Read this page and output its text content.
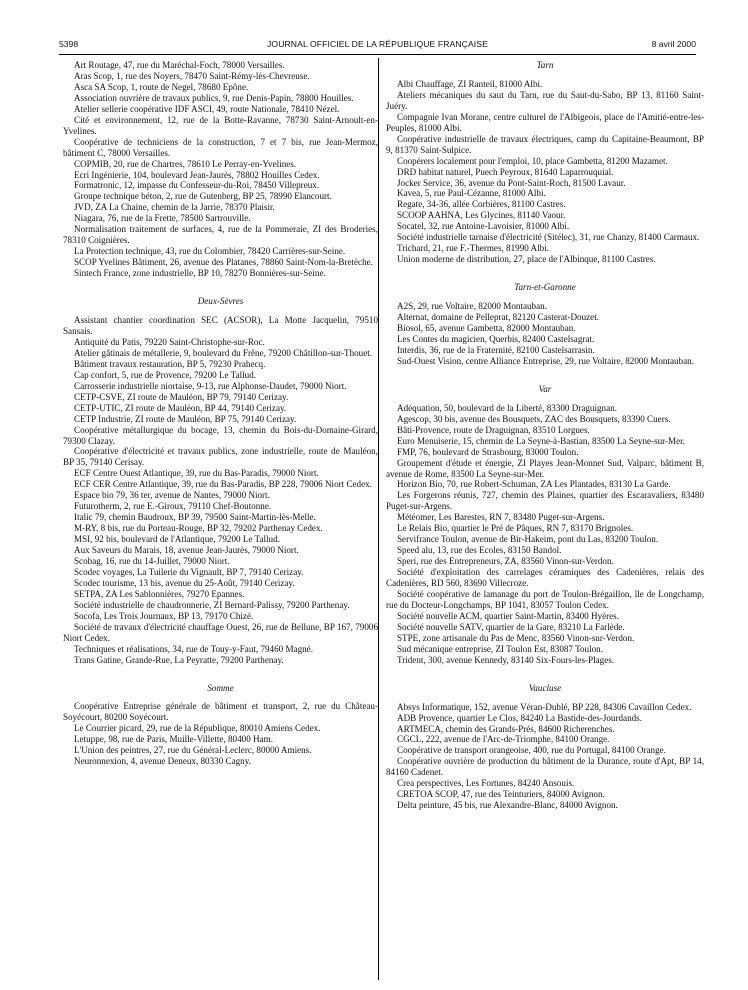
5398	JOURNAL OFFICIEL DE LA RÉPUBLIQUE FRANÇAISE	8 avril 2000

Art Routage, 47, rue du Maréchal-Foch, 78000 Versailles.

Aras Scop, 1, rue des Noyers, 78470 Saint-Rémy-lès-Chevreuse.

Asca SA Scop, 1, route de Negel, 78680 Epône.

Association ouvrière de travaux publics, 9, rue Denis-Papin, 78800 Houilles.

Atelier sellerie coopérative IDF ASCI, 49, route Nationale, 78410 Nézel.

Cité et environnement, 12, rue de la Botte-Ravanne, 78730 Saint-Arnoult-en-Yvelines.

Coopérative de techniciens de la construction, 7 et 7 bis, rue Jean-Mermoz, bâtiment C, 78000 Versailles.

COPMIB, 20, rue de Chartres, 78610 Le Perray-en-Yvelines.

Ecri Ingénierie, 104, boulevard Jean-Jaurès, 78802 Houilles Cedex.

Formatronic, 12, impasse du Confesseur-du-Roi, 78450 Villepreux.

Groupe technique béton, 2, rue de Gutenberg, BP 25, 78990 Elancourt.

JVD, ZA La Chaine, chemin de la Jarrie, 78370 Plaisir.

Niagara, 76, rue de la Frette, 78500 Sartrouville.

Normalisation traitement de surfaces, 4, rue de la Pommeraie, ZI des Broderies, 78310 Coignières.

La Protection technique, 43, rue du Colombier, 78420 Carrières-sur-Seine.

SCOP Yvelines Bâtiment, 26, avenue des Platanes, 78860 Saint-Nom-la-Bretèche.

Sintech France, zone industrielle, BP 10, 78270 Bonnières-sur-Seine.

Deux-Sèvres

Assistant chantier coordination SEC (ACSOR), La Motte Jacquelin, 79510 Sansais.

Antiquité du Patis, 79220 Saint-Christophe-sur-Roc.

Atelier gâtinais de métallerie, 9, boulevard du Frêne, 79200 Châtillon-sur-Thouet.

Bâtiment travaux restauration, BP 5, 79230 Prahecq.

Cap confort, 5, rue de Provence, 79200 Le Tallud.

Carrosserie industrielle niortaise, 9-13, rue Alphonse-Daudet, 79000 Niort.

CETP-CSVE, ZI route de Mauléon, BP 79, 79140 Cerizay.

CETP-UTIC, ZI route de Mauléon, BP 44, 79140 Cerizay.

CETP Industrie, ZI route de Mauléon, BP 75, 79140 Cerizay.

Coopérative métallurgique du bocage, 13, chemin du Bois-du-Domaine-Girard, 79300 Clazay.

Coopérative d'électricité et travaux publics, zone industrielle, route de Mauléon, BP 35, 79140 Cerisay.

ECF Centre Ouest Atlantique, 39, rue du Bas-Paradis, 79000 Niort.

ECF CER Centre Atlantique, 39, rue du Bas-Paradis, BP 228, 79006 Niort Cedex.

Espace bio 79, 36 ter, avenue de Nantes, 79000 Niort.

Futurotherm, 2, rue E.-Giroux, 79110 Chef-Boutonne.

Italic 79, chemin Baudroux, BP 39, 79500 Saint-Martin-lès-Melle.

M-RY, 8 bis, rue du Porteau-Rouge, BP 32, 79202 Parthenay Cedex.

MSI, 92 bis, boulevard de l'Atlantique, 79200 Le Tallud.

Aux Saveurs du Marais, 18, avenue Jean-Jaurès, 79000 Niort.

Scobag, 16, rue du 14-Juillet, 79000 Niort.

Scodec voyages, La Tuilerie du Vignault, BP 7, 79140 Cerizay.

Scodec tourisme, 13 bis, avenue du 25-Août, 79140 Cerizay.

SETPA, ZA Les Sablonnières, 79270 Epannes.

Société industrielle de chaudronnerie, ZI Bernard-Palissy, 79200 Parthenay.

Socofa, Les Trois Journaux, BP 13, 79170 Chizé.

Société de travaux d'électricité chauffage Ouest, 26, rue de Bellune, BP 167, 79006 Niort Cedex.

Techniques et réalisations, 34, rue de Touy-y-Faut, 79460 Magné.

Trans Gatine, Grande-Rue, La Peyratte, 79200 Parthenay.

Somme

Coopérative Entreprise générale de bâtiment et transport, 2, rue du Château-Soyécourt, 80200 Soyécourt.

Le Courrier picard, 29, rue de la République, 80010 Amiens Cedex.

Letuppe, 98, rue de Paris, Muille-Villette, 80400 Ham.

L'Union des peintres, 27, rue du Général-Leclerc, 80000 Amiens.

Neuronnexion, 4, avenue Deneux, 80330 Cagny.

Tarn

Albi Chauffage, ZI Ranteil, 81000 Albi.

Ateliers mécaniques du saut du Tarn, rue du Saut-du-Sabo, BP 13, 81160 Saint-Juéry.

Compagnie Ivan Morane, centre culturel de l'Albigeois, place de l'Amitié-entre-les-Peuples, 81000 Albi.

Coopérative industrielle de travaux électriques, camp du Capitaine-Beaumont, BP 9, 81370 Saint-Sulpice.

Coopérers localement pour l'emploi, 10, place Gambetta, 81200 Mazamet.

DRD habitat naturel, Puech Peyroux, 81640 Laparrouquial.

Jocker Service, 36, avenue du Pont-Saint-Roch, 81500 Lavaur.

Kavea, 5, rue Paul-Cézanne, 81000 Albi.

Regate, 34-36, allée Corbières, 81100 Castres.

SCOOP AAHNA, Les Glycines, 81140 Vaour.

Socatel, 32, rue Antoine-Lavoisier, 81000 Albi.

Société industrielle tarnaise d'électricité (Sitélec), 31, rue Chanzy, 81400 Carmaux.

Trichard, 21, rue F.-Thermes, 81990 Albi.

Union moderne de distribution, 27, place de l'Albinque, 81100 Castres.

Tarn-et-Garonne

A2S, 29, rue Voltaire, 82000 Montauban.

Alternat, domaine de Pelleprat, 82120 Casterat-Douzet.

Biosol, 65, avenue Gambetta, 82000 Montauban.

Les Contes du magicien, Querbis, 82400 Castelsagrat.

Interdis, 36, rue de la Fraternité, 82100 Castelsarrasin.

Sud-Ouest Vision, centre Alliance Entreprise, 29, rue Voltaire, 82000 Montauban.

Var

Adéquation, 50, boulevard de la Liberté, 83300 Draguignan.

Agescop, 30 bis, avenue des Bousquets, ZAC des Bousquets, 83390 Cuers.

Bâti-Provence, route de Draguignan, 83510 Lorgues.

Euro Menuiserie, 15, chemin de La Seyne-à-Bastian, 83500 La Seyne-sur-Mer.

FMP, 76, boulevard de Strasbourg, 83000 Toulon.

Groupement d'étude et énergie, ZI Playes Jean-Monnet Sud, Valparc, bâtiment B, avenue de Rome, 83500 La Seyne-sur-Mer.

Horizon Bio, 70, rue Robert-Schuman, ZA Les Plantades, 83130 La Garde.

Les Forgerons réunis, 727, chemin des Plaines, quartier des Escaravaliers, 83480 Puget-sur-Argens.

Météomer, Les Barestes, RN 7, 83480 Puget-sur-Argens.

Le Relais Bio, quartier le Pré de Pâques, RN 7, 83170 Brignoles.

Servifrance Toulon, avenue de Bir-Hakeim, pont du Las, 83200 Toulon.

Speed alu, 13, rue des Ecoles, 83150 Bandol.

Speri, rue des Entrepreneurs, ZA, 83560 Vinon-sur-Verdon.

Société d'exploitation des carrelages céramiques des Cadenières, relais des Cadenières, RD 560, 83690 Villecroze.

Société coopérative de lamanage du port de Toulon-Brégaillon, île de Longchamp, rue du Docteur-Longchamps, BP 1041, 83057 Toulon Cedex.

Société nouvelle ACM, quartier Saint-Martin, 83400 Hyères.

Société nouvelle SATV, quartier de la Gare, 83210 La Farlède.

STPE, zone artisanale du Pas de Menc, 83560 Vinon-sur-Verdon.

Sud mécanique entreprise, ZI Toulon Est, 83087 Toulon.

Trident, 300, avenue Kennedy, 83140 Six-Fours-les-Plages.

Vaucluse

Absys Informatique, 152, avenue Véran-Dublé, BP 228, 84306 Cavaillon Cedex.

ADB Provence, quartier Le Clos, 84240 La Bastide-des-Jourdands.

ARTMECA, chemin des Grands-Prés, 84600 Richerenches.

CGCL, 222, avenue de l'Arc-de-Triomphe, 84100 Orange.

Coopérative de transport orangeoise, 400, rue du Portugal, 84100 Orange.

Coopérative ouvrière de production du bâtiment de la Durance, route d'Apt, BP 14, 84160 Cadenet.

Crea perspectives, Les Fortunes, 84240 Ansouis.

CRETOA SCOP, 47, rue des Teinturiers, 84000 Avignon.

Delta peinture, 45 bis, rue Alexandre-Blanc, 84000 Avignon.
